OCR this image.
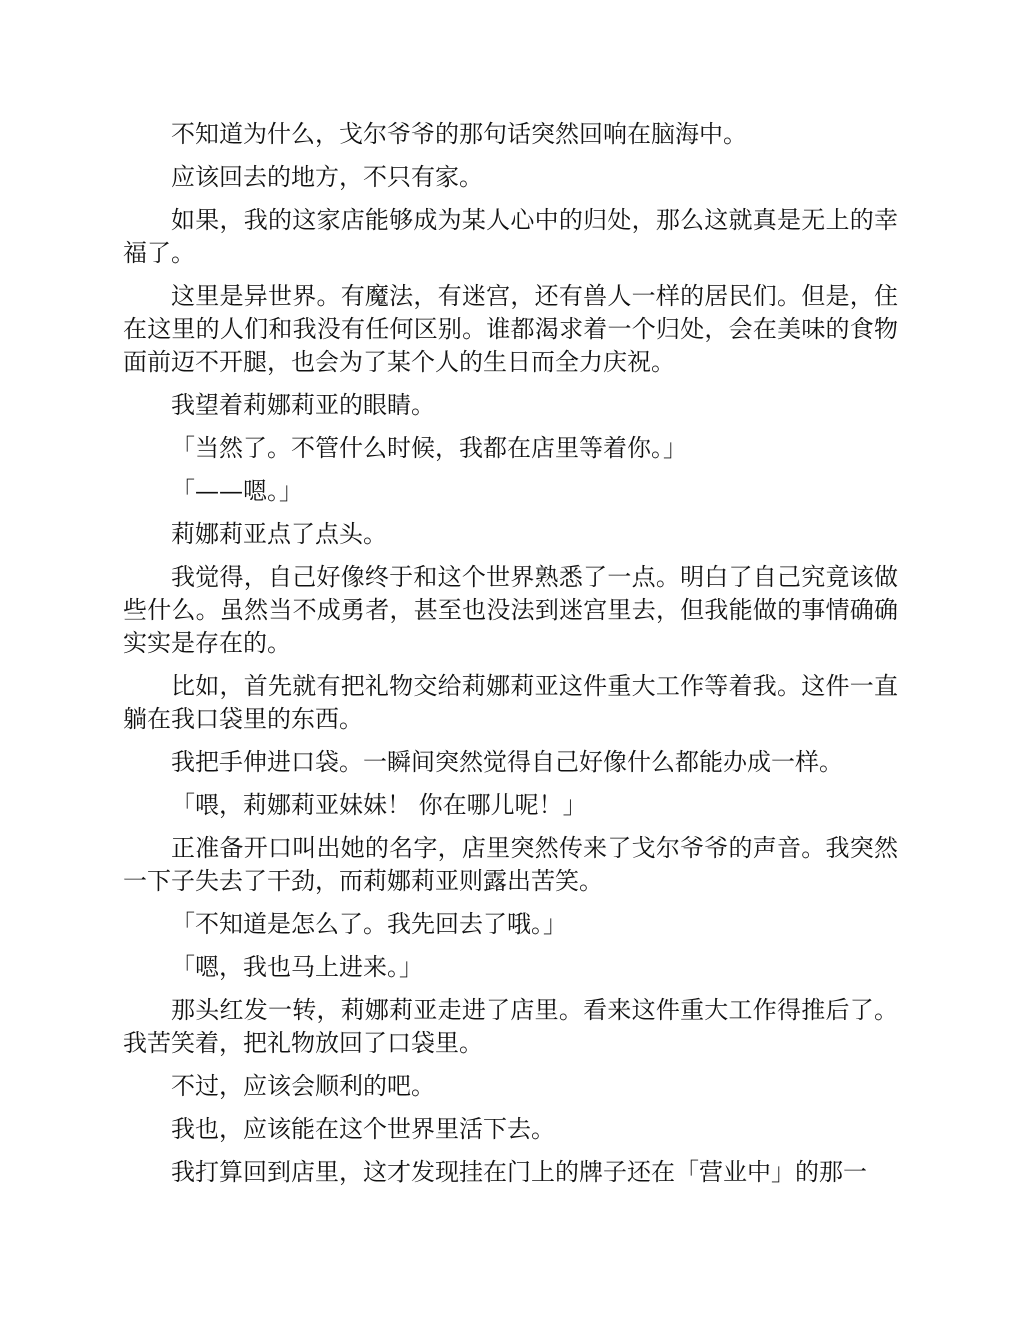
不知道为什么，戈尔爷爷的那句话突然回响在脑海中。

应该回去的地方，不只有家。

如果，我的这家店能够成为某人心中的归处，那么这就真是无上的幸福了。

这里是异世界。有魔法，有迷宫，还有兽人一样的居民们。但是，住在这里的人们和我没有任何区别。谁都渴求着一个归处，会在美味的食物面前迈不开腿，也会为了某个人的生日而全力庆祝。

我望着莉娜莉亚的眼睛。

「当然了。不管什么时候，我都在店里等着你。」

「——嗯。」

莉娜莉亚点了点头。

我觉得，自己好像终于和这个世界熟悉了一点。明白了自己究竟该做些什么。虽然当不成勇者，甚至也没法到迷宫里去，但我能做的事情确确实实是存在的。

比如，首先就有把礼物交给莉娜莉亚这件重大工作等着我。这件一直躺在我口袋里的东西。

我把手伸进口袋。一瞬间突然觉得自己好像什么都能办成一样。

「喂，莉娜莉亚妹妹！ 你在哪儿呢！」

正准备开口叫出她的名字，店里突然传来了戈尔爷爷的声音。我突然一下子失去了干劲，而莉娜莉亚则露出苦笑。

「不知道是怎么了。我先回去了哦。」

「嗯，我也马上进来。」

那头红发一转，莉娜莉亚走进了店里。看来这件重大工作得推后了。我苦笑着，把礼物放回了口袋里。

不过，应该会顺利的吧。

我也，应该能在这个世界里活下去。

我打算回到店里，这才发现挂在门上的牌子还在「营业中」的那一
